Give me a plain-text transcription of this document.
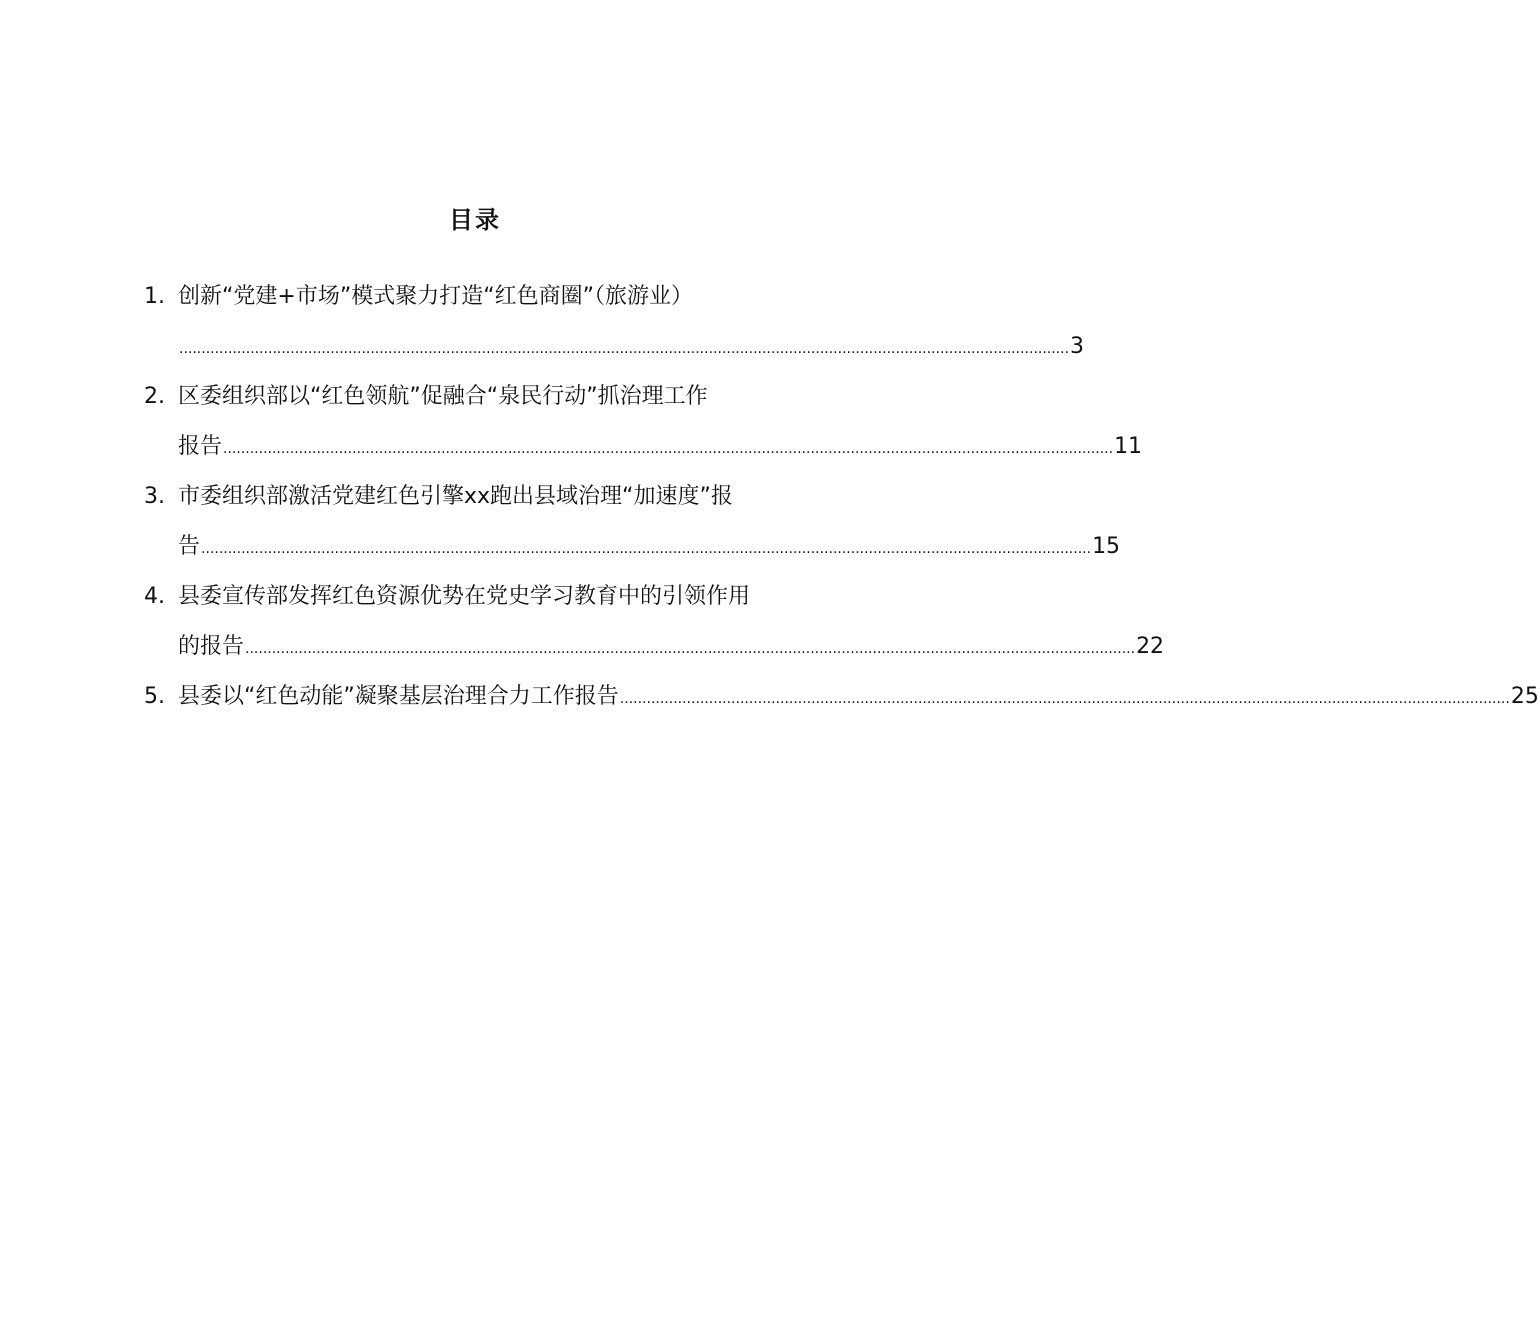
目录
1. 创新“党建+市场”模式聚力打造“红色商圈”（旅游业）
........................................................................................................................................................................................................ 3
2. 区委组织部以“红色领航”促融合“泉民行动”抓治理工作
报告 ........................................................................................................................................................................................................ 11
3. 市委组织部激活党建红色引擎xx跑出县域治理“加速度”报
告 ........................................................................................................................................................................................................ 15
4. 县委宣传部发挥红色资源优势在党史学习教育中的引领作用
的报告 ........................................................................................................................................................................................................ 22
5. 县委以“红色动能”凝聚基层治理合力工作报告 ........................................................................................................................................................................................................ 25
